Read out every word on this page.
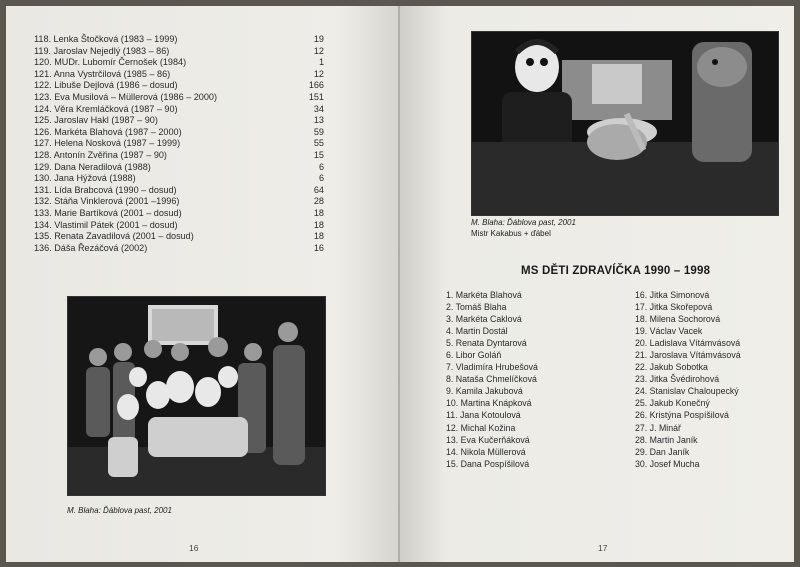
118. Lenka Štočková (1983 – 1999)	19
119. Jaroslav Nejedlý (1983 – 86)	12
120. MUDr. Lubomír Černošek (1984)	1
121. Anna Vystrčilová (1985 – 86)	12
122. Libuše Dejlová (1986 – dosud)	166
123. Eva Musilová – Müllerová (1986 – 2000)	151
124. Věra Kremláčková (1987 – 90)	34
125. Jaroslav Hakl (1987 – 90)	13
126. Markéta Blahová (1987 – 2000)	59
127. Helena Nosková (1987 – 1999)	55
128. Antonín Zvěřina (1987 – 90)	15
129. Dana Neradilová (1988)	6
130. Jana Hýžová (1988)	6
131. Lída Brabcová (1990 – dosud)	64
132. Stáňa Vinklerová (2001 –1996)	28
133. Marie Bartíková (2001 – dosud)	18
134. Vlastimil Pátek (2001 – dosud)	18
135. Renata Zavadilová (2001 – dosud)	18
136. Dáša Řezáčová (2002)	16
M. Blaha: Ďáblova past, 2001
16
M. Blaha: Ďáblova past, 2001
Mistr Kakabus + ďábel
MS DĚTI ZDRAVÍČKA 1990 – 1998
1. Markéta Blahová
2. Tomáš Blaha
3. Markéta Caklová
4. Martin Dostál
5. Renata Dyntarová
6. Libor Goláň
7. Vladimíra Hrubešová
8. Nataša Chmelíčková
9. Kamila Jakubová
10. Martina Knápková
11. Jana Kotoulová
12. Michal Kožina
13. Eva Kučerňáková
14. Nikola Müllerová
15. Dana Pospíšilová
16. Jitka Simonová
17. Jitka Skořepová
18. Milena Sochorová
19. Václav Vacek
20. Ladislava Vítámvásová
21. Jaroslava Vítámvásová
22. Jakub Sobotka
23. Jitka Švédirohová
24. Stanislav Chaloupecký
25. Jakub Konečný
26. Kristýna Pospíšilová
27. J. Minář
28. Martin Janík
29. Dan Janík
30. Josef Mucha
17
